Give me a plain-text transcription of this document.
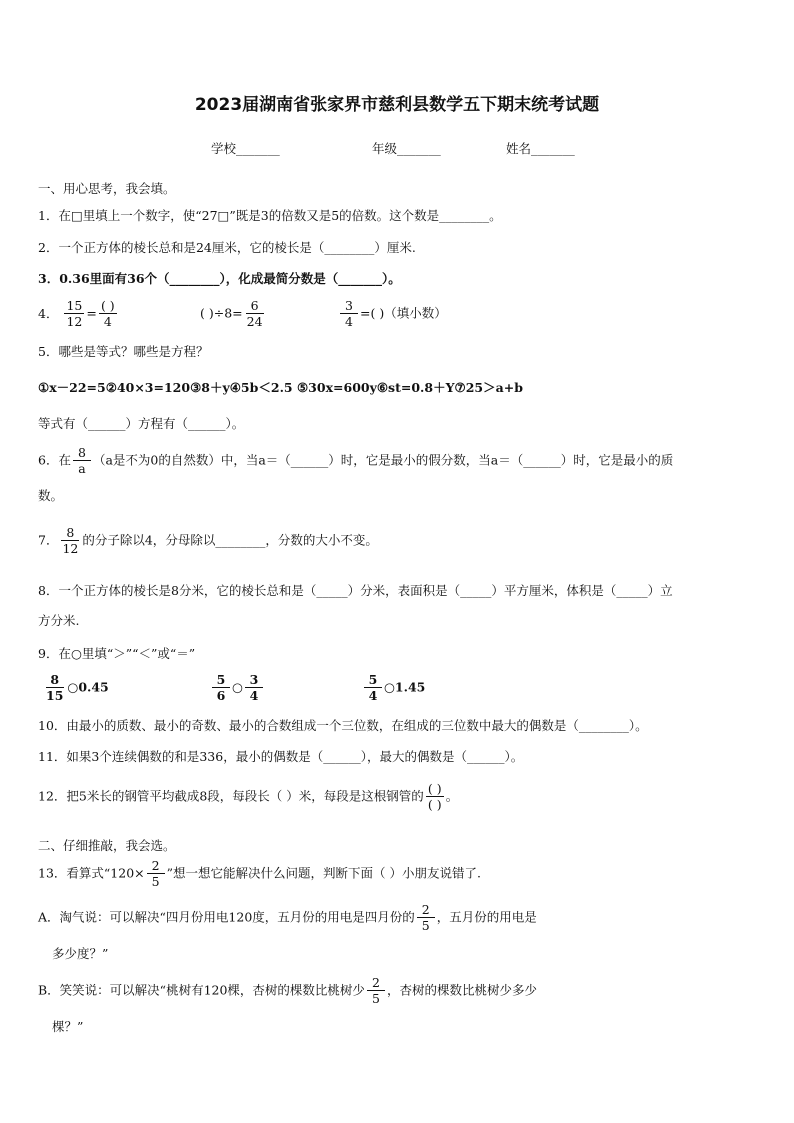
2023届湖南省张家界市慈利县数学五下期末统考试题
学校_______	年级_______	姓名_______
一、用心思考，我会填。
1．在□里填上一个数字，使“27□”既是3的倍数又是5的倍数。这个数是________。
2．一个正方体的棱长总和是24厘米，它的棱长是（________）厘米.
3．0.36里面有36个（________），化成最简分数是（_______）。
4． $\frac{15}{12} = \frac{( )}{4}$	( )$\div 8= \frac{6}{24}$	$\frac{3}{4}$ =( )（填小数）
5．哪些是等式？哪些是方程？
①x－22=5②40×3=120③8＋y④5b＜2.5 ⑤30x=600y⑥st=0.8＋Y⑦25＞a+b
等式有（______）方程有（______）。
6．在 $\frac{8}{a} (a$是不为0的自然数）中，当a＝（______）时，它是最小的假分数，当a＝（______）时，它是最小的质
数。
7． $\frac{8}{12}$ 的分子除以4，分母除以________，分数的大小不变。
8．一个正方体的棱长是8分米，它的棱长总和是（_____）分米，表面积是（_____）平方厘米，体积是（_____）立
方分米.
9．在○里填“＞”“＜”或“＝”
$\frac{8}{15}$ ○0.45	$\frac{5}{6}$ ○ $\frac{3}{4}$	$\frac{5}{4}$ ○1.45
10．由最小的质数、最小的奇数、最小的合数组成一个三位数，在组成的三位数中最大的偶数是（________）。
11．如果3个连续偶数的和是336，最小的偶数是（______），最大的偶数是（______）。
12．把5米长的钢管平均截成8段，每段长（ ）米，每段是这根钢管的 $\frac{( )}{( )}$ 。
二、仔细推敲，我会选。
13．看算式“$120\times \frac{2}{5}$ ”想一想它能解决什么问题，判断下面（ ）小朋友说错了.
A．淘气说：可以解决“四月份用电120度，五月份的用电是四月份的 $\frac{2}{5}$ ，五月份的用电是
多少度？”
B．笑笑说：可以解决“桃树有120棵，杏树的棵数比桃树少 $\frac{2}{5}$ ，杏树的棵数比桃树少多少
棵？”
